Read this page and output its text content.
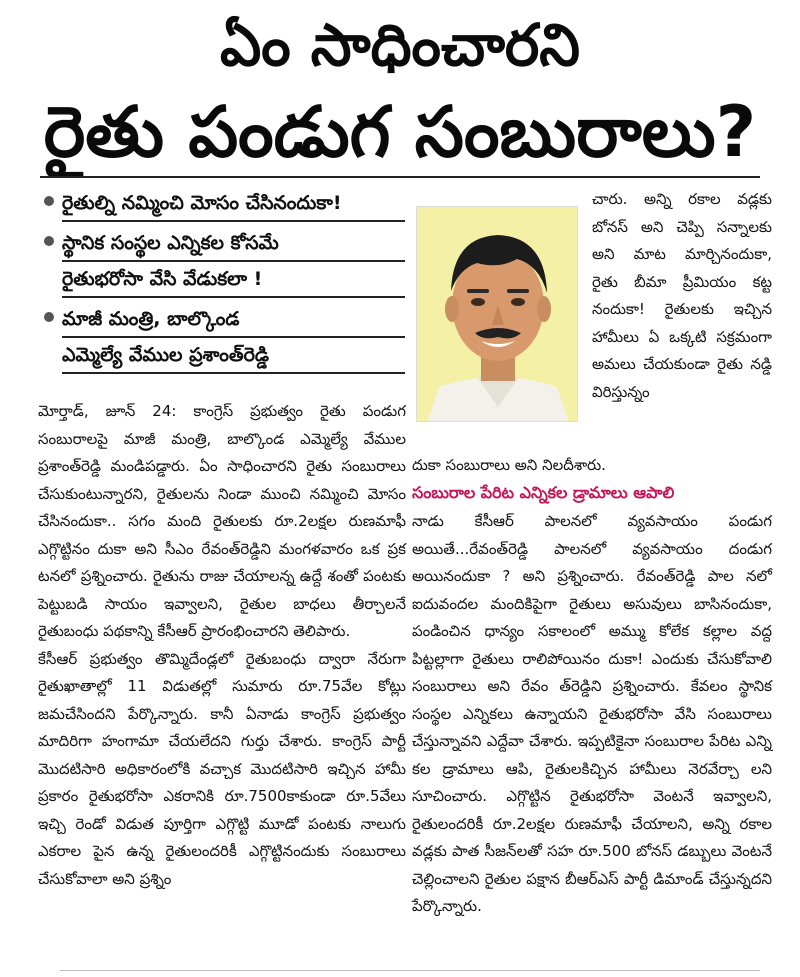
ఏం సాధించారని
రైతు పండుగ సంబురాలు?
రైతుల్ని నమ్మించి మోసం చేసినందుకా!
స్థానిక సంస్థల ఎన్నికల కోసమే
రైతుభరోసా వేసి వేడుకలా !
మాజీ మంత్రి, బాల్కొండ
ఎమ్మెల్యే వేముల ప్రశాంత్‌రెడ్డి

చారు. అన్ని రకాల వడ్లకు బోనస్ అని చెప్పి సన్నాలకు అని మాట మార్చినందుకా, రైతు బీమా ప్రీమియం కట్ట నందుకా! రైతులకు ఇచ్చిన హామీలు ఏ ఒక్కటి సక్రమంగా అమలు చేయకుండా రైతు నడ్డి విరిస్తున్నం

మోర్తాడ్, జూన్ 24: కాంగ్రెస్ ప్రభుత్వం రైతు పండుగ సంబురాలపై మాజీ మంత్రి, బాల్కొండ ఎమ్మెల్యే వేముల ప్రశాంత్‌రెడ్డి మండిపడ్డారు. ఏం సాధించారని రైతు సంబురాలు చేసుకుంటున్నారని, రైతులను నిండా ముంచి నమ్మించి మోసం చేసినందుకా.. సగం మంది రైతులకు రూ.2లక్షల రుణమాఫీ ఎగ్గొట్టినం దుకా అని సీఎం రేవంత్‌రెడ్డిని మంగళవారం ఒక ప్రక టనలో ప్రశ్నించారు. రైతును రాజు చేయాలన్న ఉద్దే శంతో పంటకు పెట్టుబడి సాయం ఇవ్వాలని, రైతుల బాధలు తీర్చాలనే రైతుబంధు పథకాన్ని కేసీఆర్ ప్రారంభించారని తెలిపారు.

కేసీఆర్ ప్రభుత్వం తొమ్మిదేండ్లలో రైతుబంధు ద్వారా నేరుగా రైతుఖాతాల్లో 11 విడుతల్లో సుమారు రూ.75వేల కోట్లు జమచేసిందని పేర్కొన్నారు. కానీ ఏనాడు కాంగ్రెస్ ప్రభుత్వం మాదిరిగా హంగామా చేయలేదని గుర్తు చేశారు. కాంగ్రెస్ పార్టీ మొదటిసారి అధికారంలోకి వచ్చాక మొదటిసారి ఇచ్చిన హామీ ప్రకారం రైతుభరోసా ఎకరానికి రూ.7500కాకుండా రూ.5వేలు ఇచ్చి రెండో విడుత పూర్తిగా ఎగ్గొట్టి మూడో పంటకు నాలుగు ఎకరాల పైన ఉన్న రైతులందరికీ ఎగ్గొట్టినందుకు సంబురాలు చేసుకోవాలా అని ప్రశ్నిం

దుకా సంబురాలు అని నిలదీశారు.

సంబురాల పేరిట ఎన్నికల డ్రామాలు ఆపాలి

నాడు కేసీఆర్ పాలనలో వ్యవసాయం పండుగ అయితే...రేవంత్‌రెడ్డి పాలనలో వ్యవసాయం దండుగ అయినందుకా ? అని ప్రశ్నించారు. రేవంత్‌రెడ్డి పాల నలో ఐదువందల మందికిపైగా రైతులు అసువులు బాసినందుకా, పండించిన ధాన్యం సకాలంలో అమ్ము కోలేక కల్లాల వద్ద పిట్టల్లాగా రైతులు రాలిపోయినం దుకా! ఎందుకు చేసుకోవాలి సంబురాలు అని రేవం త్‌రెడ్డిని ప్రశ్నించారు. కేవలం స్థానిక సంస్థల ఎన్నికలు ఉన్నాయని రైతుభరోసా వేసి సంబురాలు చేస్తున్నావని ఎద్దేవా చేశారు. ఇప్పటికైనా సంబురాల పేరిట ఎన్ని కల డ్రామాలు ఆపి, రైతులకిచ్చిన హామీలు నెరవేర్చా లని సూచించారు. ఎగ్గొట్టిన రైతుభరోసా వెంటనే ఇవ్వాలని, రైతులందరికీ రూ.2లక్షల రుణమాఫీ చేయాలని, అన్ని రకాల వడ్లకు పాత సీజన్‌లతో సహ రూ.500 బోనస్ డబ్బులు వెంటనే చెల్లించాలని రైతుల పక్షాన బీఆర్ఎస్ పార్టీ డిమాండ్ చేస్తున్నదని పేర్కొన్నారు.
